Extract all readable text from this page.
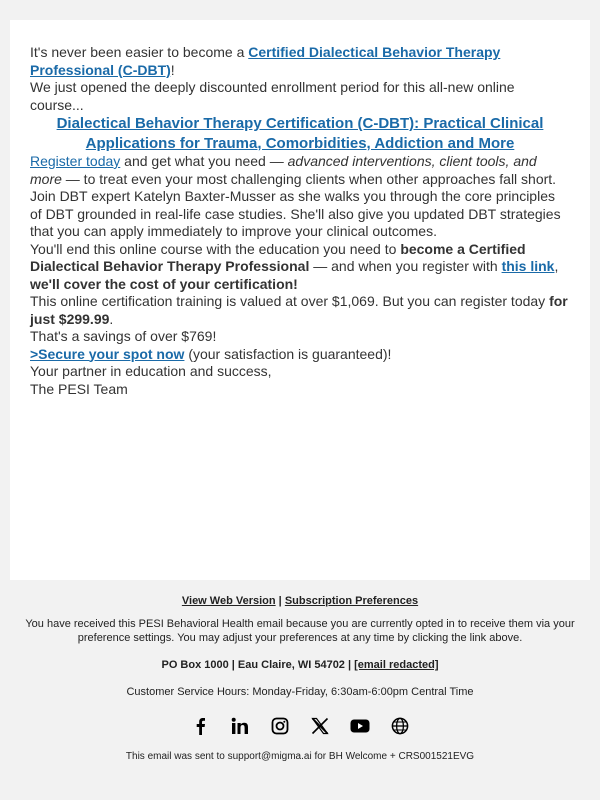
It's never been easier to become a Certified Dialectical Behavior Therapy Professional (C-DBT)!

We just opened the deeply discounted enrollment period for this all-new online course...

Dialectical Behavior Therapy Certification (C-DBT): Practical Clinical Applications for Trauma, Comorbidities, Addiction and More

Register today and get what you need — advanced interventions, client tools, and more — to treat even your most challenging clients when other approaches fall short.

Join DBT expert Katelyn Baxter-Musser as she walks you through the core principles of DBT grounded in real-life case studies. She'll also give you updated DBT strategies that you can apply immediately to improve your clinical outcomes.

You'll end this online course with the education you need to become a Certified Dialectical Behavior Therapy Professional — and when you register with this link,
we'll cover the cost of your certification!

This online certification training is valued at over $1,069. But you can register today for just $299.99.

That's a savings of over $769!

>Secure your spot now (your satisfaction is guaranteed)!

Your partner in education and success,
The PESI Team

View Web Version | Subscription Preferences
You have received this PESI Behavioral Health email because you are currently opted in to receive them via your preference settings. You may adjust your preferences at any time by clicking the link above.
PO Box 1000 | Eau Claire, WI 54702 | [email redacted]
Customer Service Hours: Monday-Friday, 6:30am-6:00pm Central Time
This email was sent to support@migma.ai for BH Welcome + CRS001521EVG
